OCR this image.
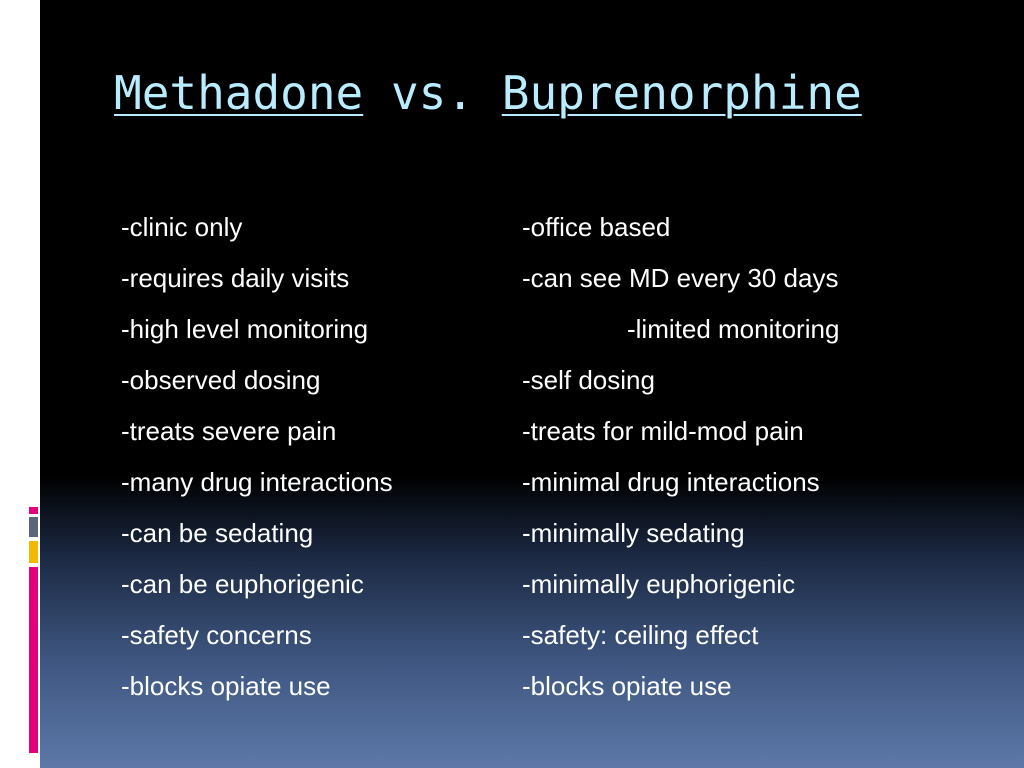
Methadone vs. Buprenorphine
-clinic only
-requires daily visits
-high level monitoring
-observed dosing
-treats severe pain
-many drug interactions
-can be sedating
-can be euphorigenic
-safety concerns
-blocks opiate use
-office based
-can see MD every 30 days
-limited monitoring
-self dosing
-treats for mild-mod pain
-minimal drug interactions
-minimally sedating
-minimally euphorigenic
-safety: ceiling effect
-blocks opiate use
